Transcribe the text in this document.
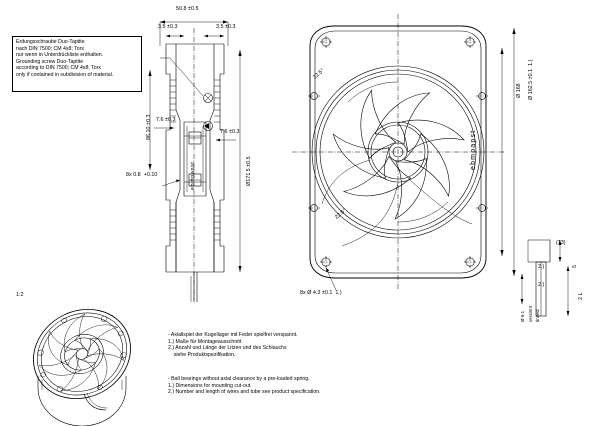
50.8 ±0.5
3.5 ±0.3	3.5 ±0.3
7.6 ±0.3
7.6 ±0.3
86.10 ±0.3
8x 0.8  +0.10	Ø171.5 ±0.5
ebmpapst
Erdungsschraube Duo-Taptite
nach DIN 7500; CM 4x8; Torx
nur wenn in Unterdrückliste enthalten.
Grounding screw Duo-Taptite
according to DIN 7500; CM 4x8; Torx
only if contained in subdivision of material.
ebmpapst
Ø 162.5 ±0.1  1.)
Ø 168
8x Ø 4.3 ±0.1  1.)
22.5°
22.5°
(13)
2.)	5
2.)
2 L
Ø 6.1 verzinnt tinned
1:2
- Axiallspiel der Kugellager mit Feder spielfrei verspannt.
1.) Maße für Montageausschnitt
2.) Anzahl und Länge der Litzen und des Schlauchs
siehe Produktspezifikation.
- Ball bearings without axial clearance by a pre-loaded spring.
1.) Dimensions for mounting cut-out.
2.) Number and length of wires and tube see product specification.
